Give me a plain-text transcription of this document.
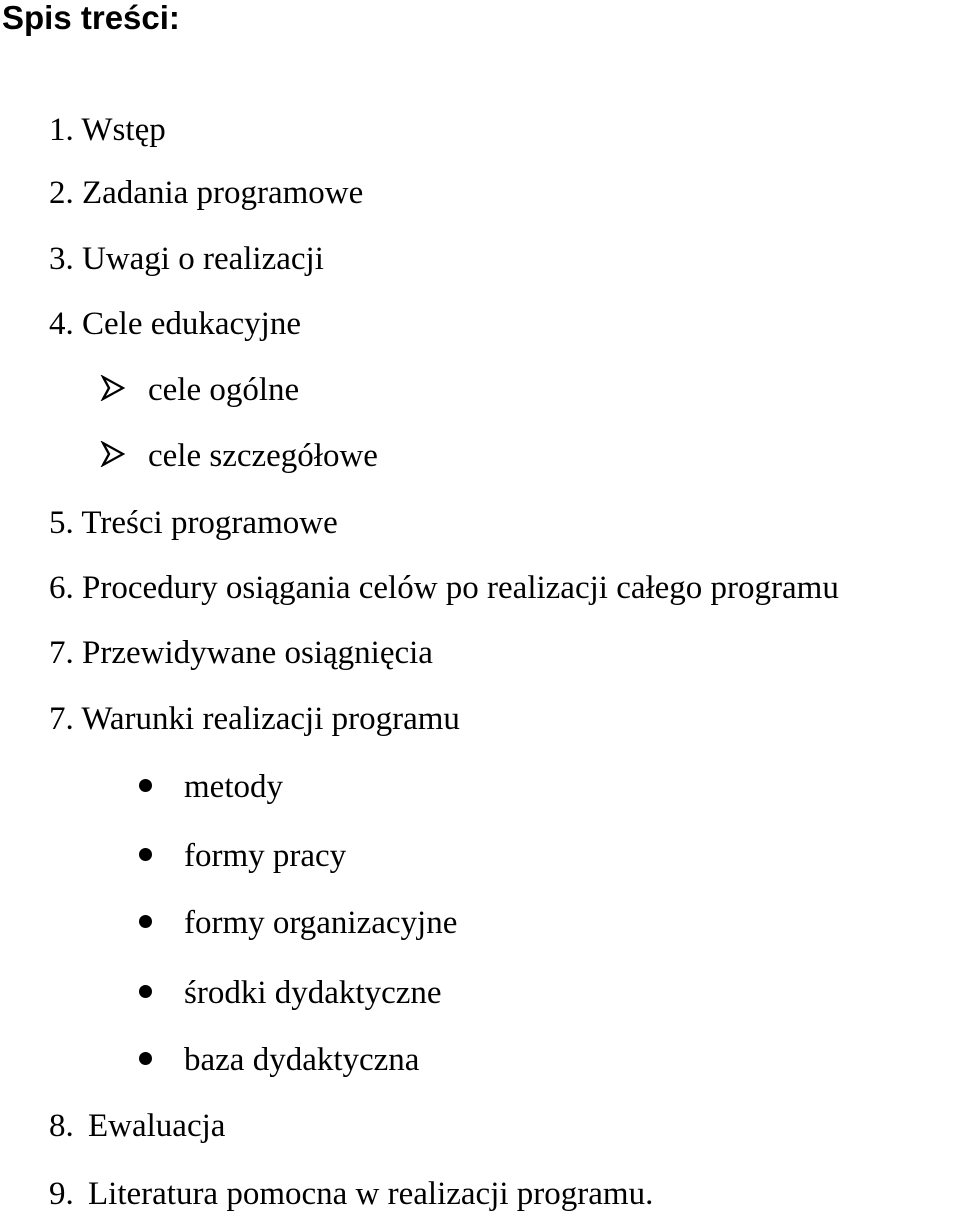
Spis treści:
1. Wstęp
2. Zadania programowe
3. Uwagi o realizacji
4. Cele edukacyjne
cele ogólne
cele szczegółowe
5. Treści programowe
6. Procedury osiągania celów po realizacji całego programu
7. Przewidywane osiągnięcia
7. Warunki realizacji programu
metody
formy pracy
formy organizacyjne
środki dydaktyczne
baza dydaktyczna
8. Ewaluacja
9. Literatura pomocna w realizacji programu.
